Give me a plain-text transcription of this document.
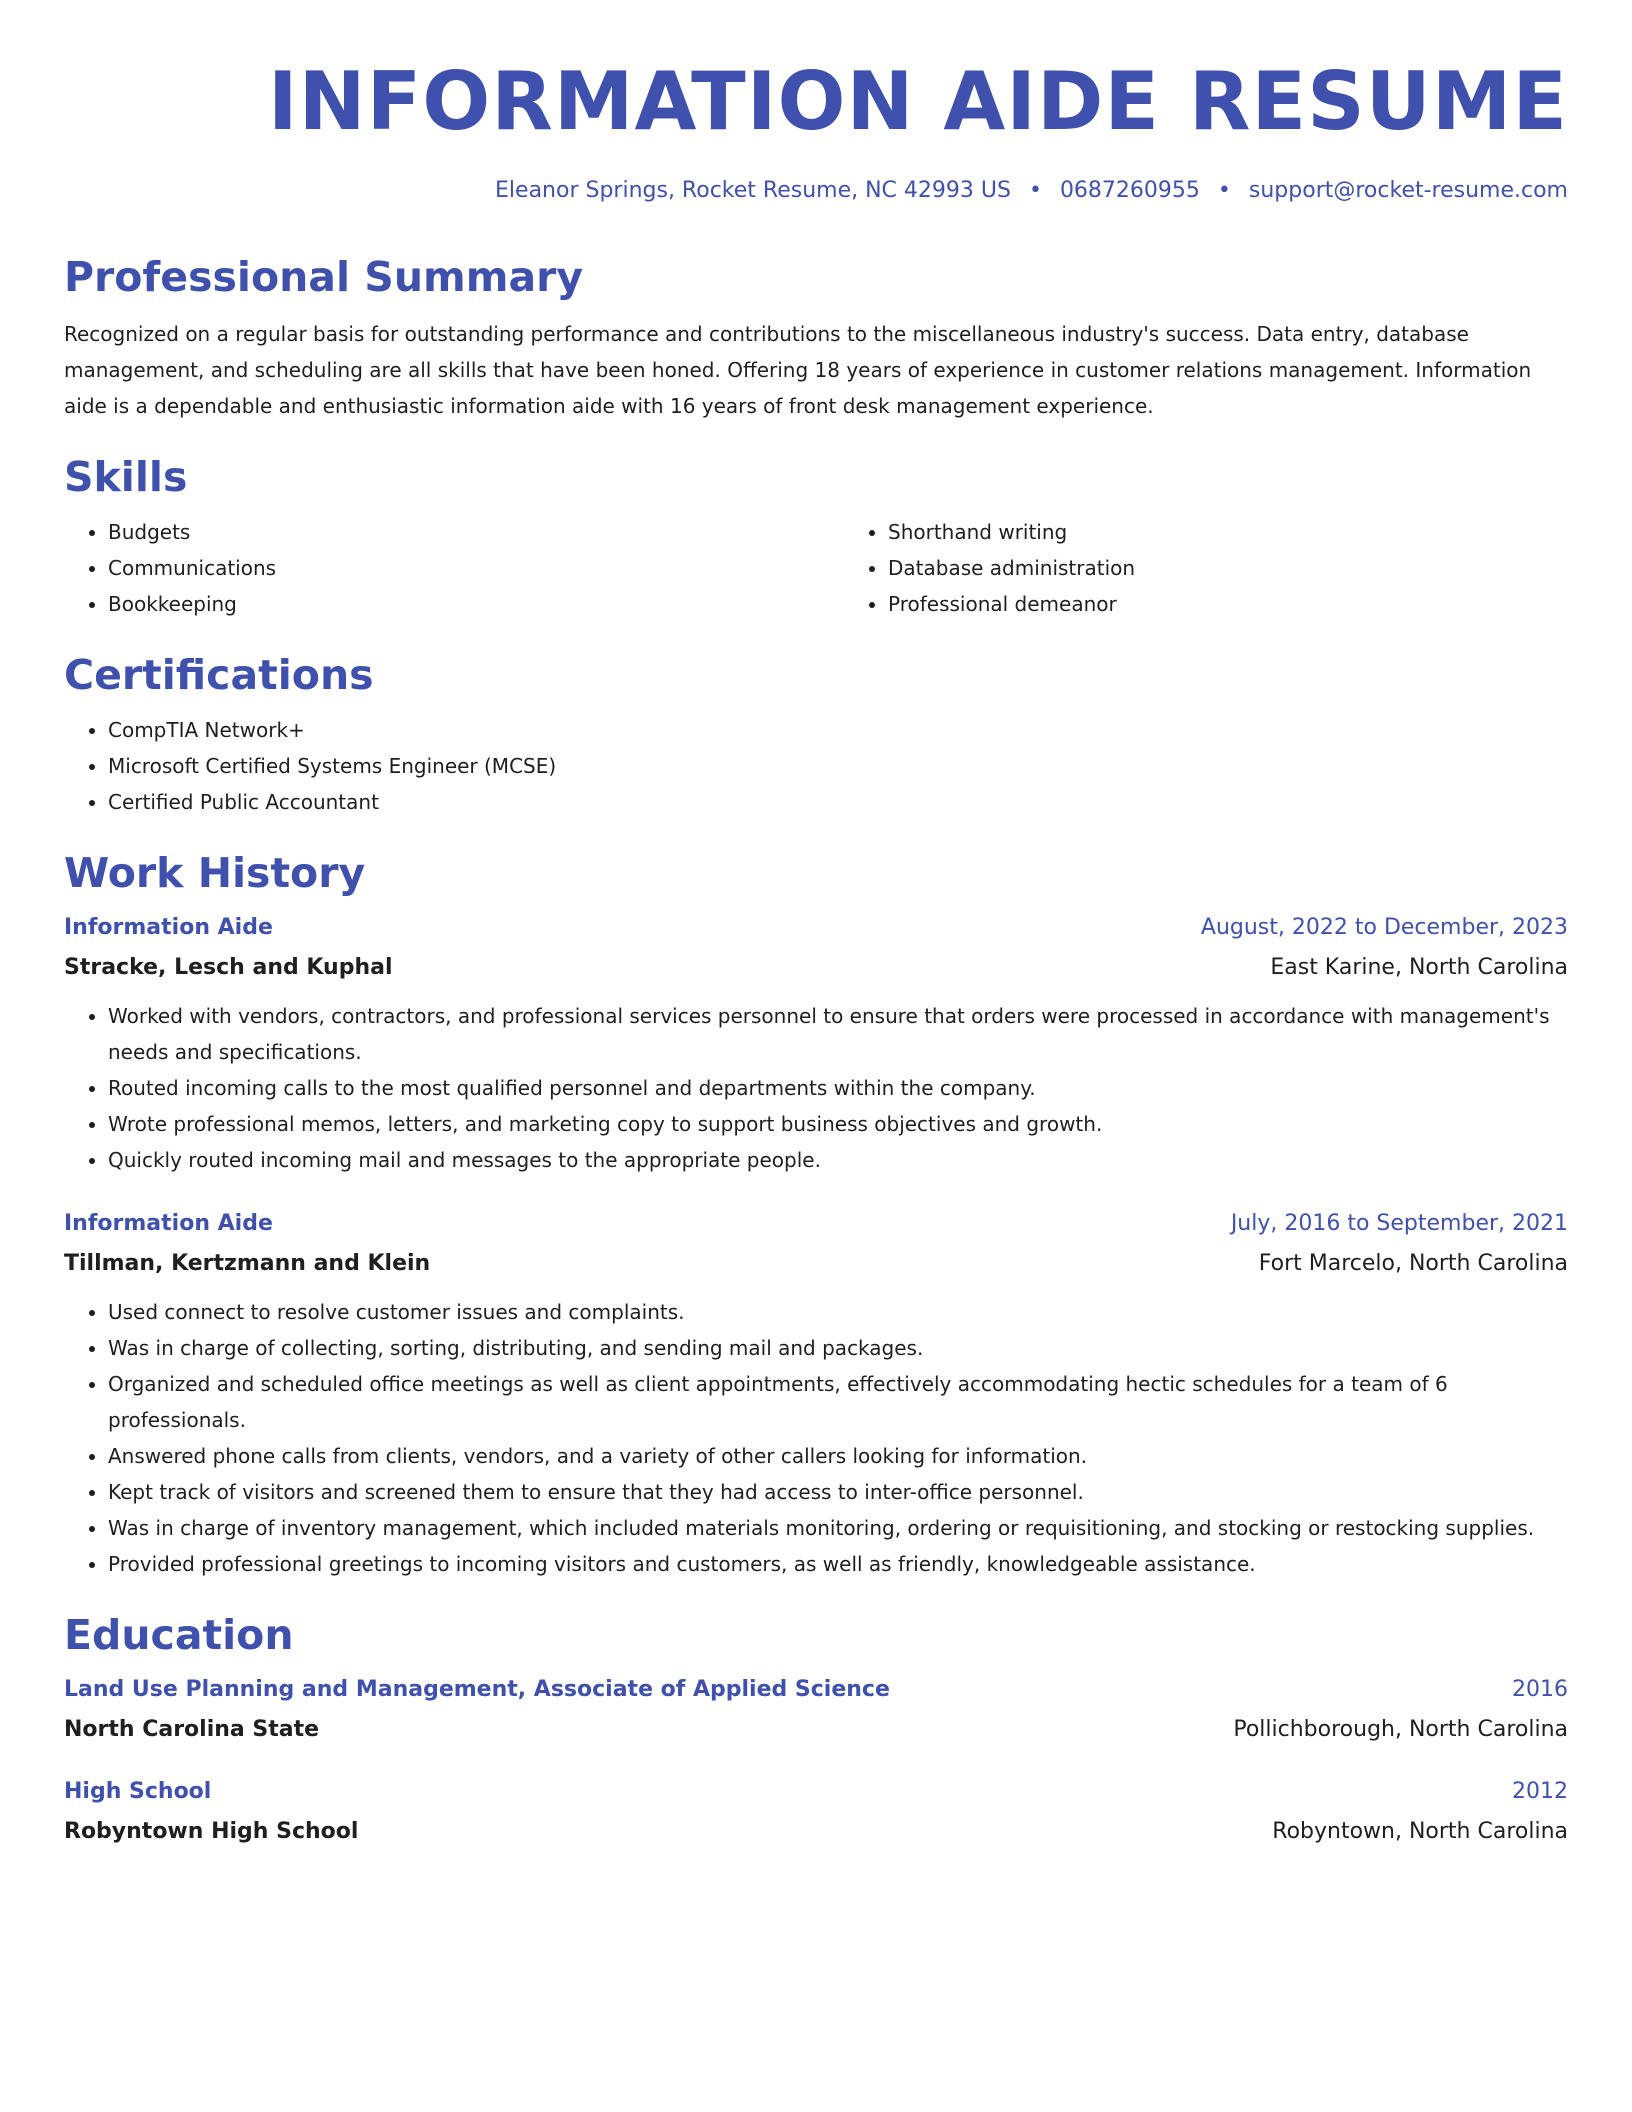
INFORMATION AIDE RESUME
Eleanor Springs, Rocket Resume, NC 42993 US • 0687260955 • support@rocket-resume.com
Professional Summary
Recognized on a regular basis for outstanding performance and contributions to the miscellaneous industry's success. Data entry, database management, and scheduling are all skills that have been honed. Offering 18 years of experience in customer relations management. Information aide is a dependable and enthusiastic information aide with 16 years of front desk management experience.
Skills
• Budgets
• Communications
• Bookkeeping
• Shorthand writing
• Database administration
• Professional demeanor
Certifications
• CompTIA Network+
• Microsoft Certified Systems Engineer (MCSE)
• Certified Public Accountant
Work History
Information Aide	August, 2022 to December, 2023
Stracke, Lesch and Kuphal	East Karine, North Carolina
• Worked with vendors, contractors, and professional services personnel to ensure that orders were processed in accordance with management's needs and specifications.
• Routed incoming calls to the most qualified personnel and departments within the company.
• Wrote professional memos, letters, and marketing copy to support business objectives and growth.
• Quickly routed incoming mail and messages to the appropriate people.
Information Aide	July, 2016 to September, 2021
Tillman, Kertzmann and Klein	Fort Marcelo, North Carolina
• Used connect to resolve customer issues and complaints.
• Was in charge of collecting, sorting, distributing, and sending mail and packages.
• Organized and scheduled office meetings as well as client appointments, effectively accommodating hectic schedules for a team of 6 professionals.
• Answered phone calls from clients, vendors, and a variety of other callers looking for information.
• Kept track of visitors and screened them to ensure that they had access to inter-office personnel.
• Was in charge of inventory management, which included materials monitoring, ordering or requisitioning, and stocking or restocking supplies.
• Provided professional greetings to incoming visitors and customers, as well as friendly, knowledgeable assistance.
Education
Land Use Planning and Management, Associate of Applied Science	2016
North Carolina State	Pollichborough, North Carolina
High School	2012
Robyntown High School	Robyntown, North Carolina
